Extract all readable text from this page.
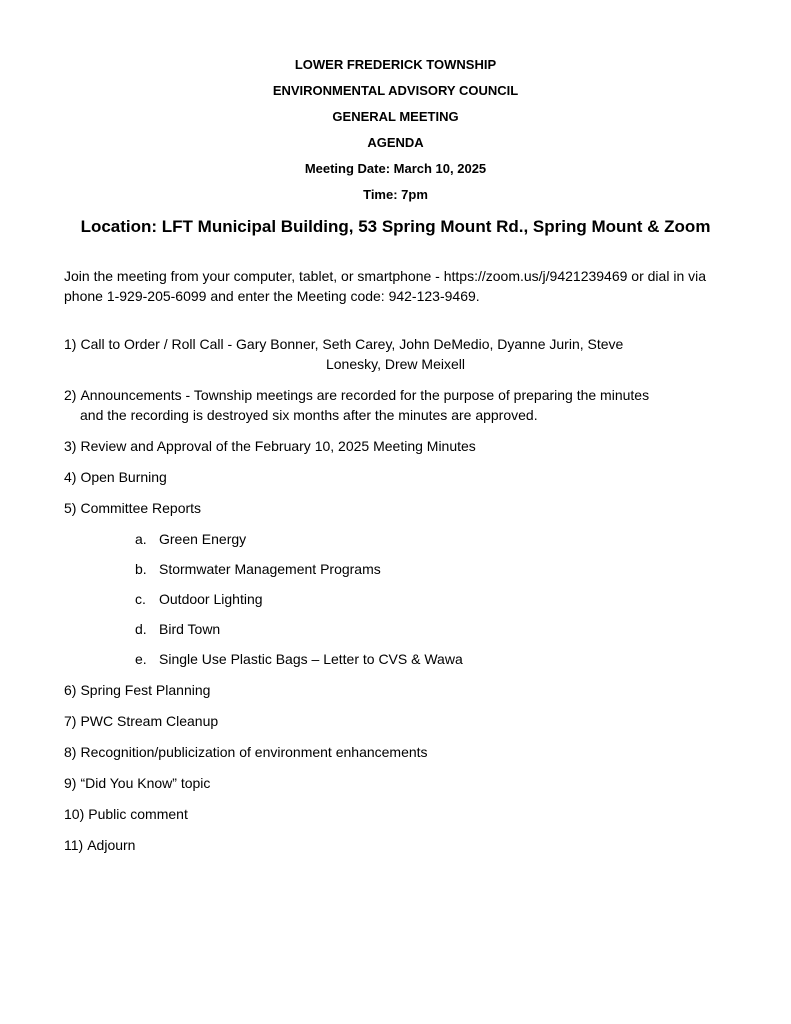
LOWER FREDERICK TOWNSHIP
ENVIRONMENTAL ADVISORY COUNCIL
GENERAL MEETING
AGENDA
Meeting Date: March 10, 2025
Time: 7pm
Location: LFT Municipal Building, 53 Spring Mount Rd., Spring Mount & Zoom
Join the meeting from your computer, tablet, or smartphone - https://zoom.us/j/9421239469 or dial in via phone 1-929-205-6099 and enter the Meeting code: 942-123-9469.
1) Call to Order / Roll Call - Gary Bonner, Seth Carey, John DeMedio, Dyanne Jurin, Steve
Lonesky, Drew Meixell
2) Announcements - Township meetings are recorded for the purpose of preparing the minutes
and the recording is destroyed six months after the minutes are approved.
3) Review and Approval of the February 10, 2025 Meeting Minutes
4) Open Burning
5) Committee Reports
a. Green Energy
b. Stormwater Management Programs
c. Outdoor Lighting
d. Bird Town
e. Single Use Plastic Bags – Letter to CVS & Wawa
6) Spring Fest Planning
7) PWC Stream Cleanup
8) Recognition/publicization of environment enhancements
9) “Did You Know” topic
10) Public comment
11) Adjourn
